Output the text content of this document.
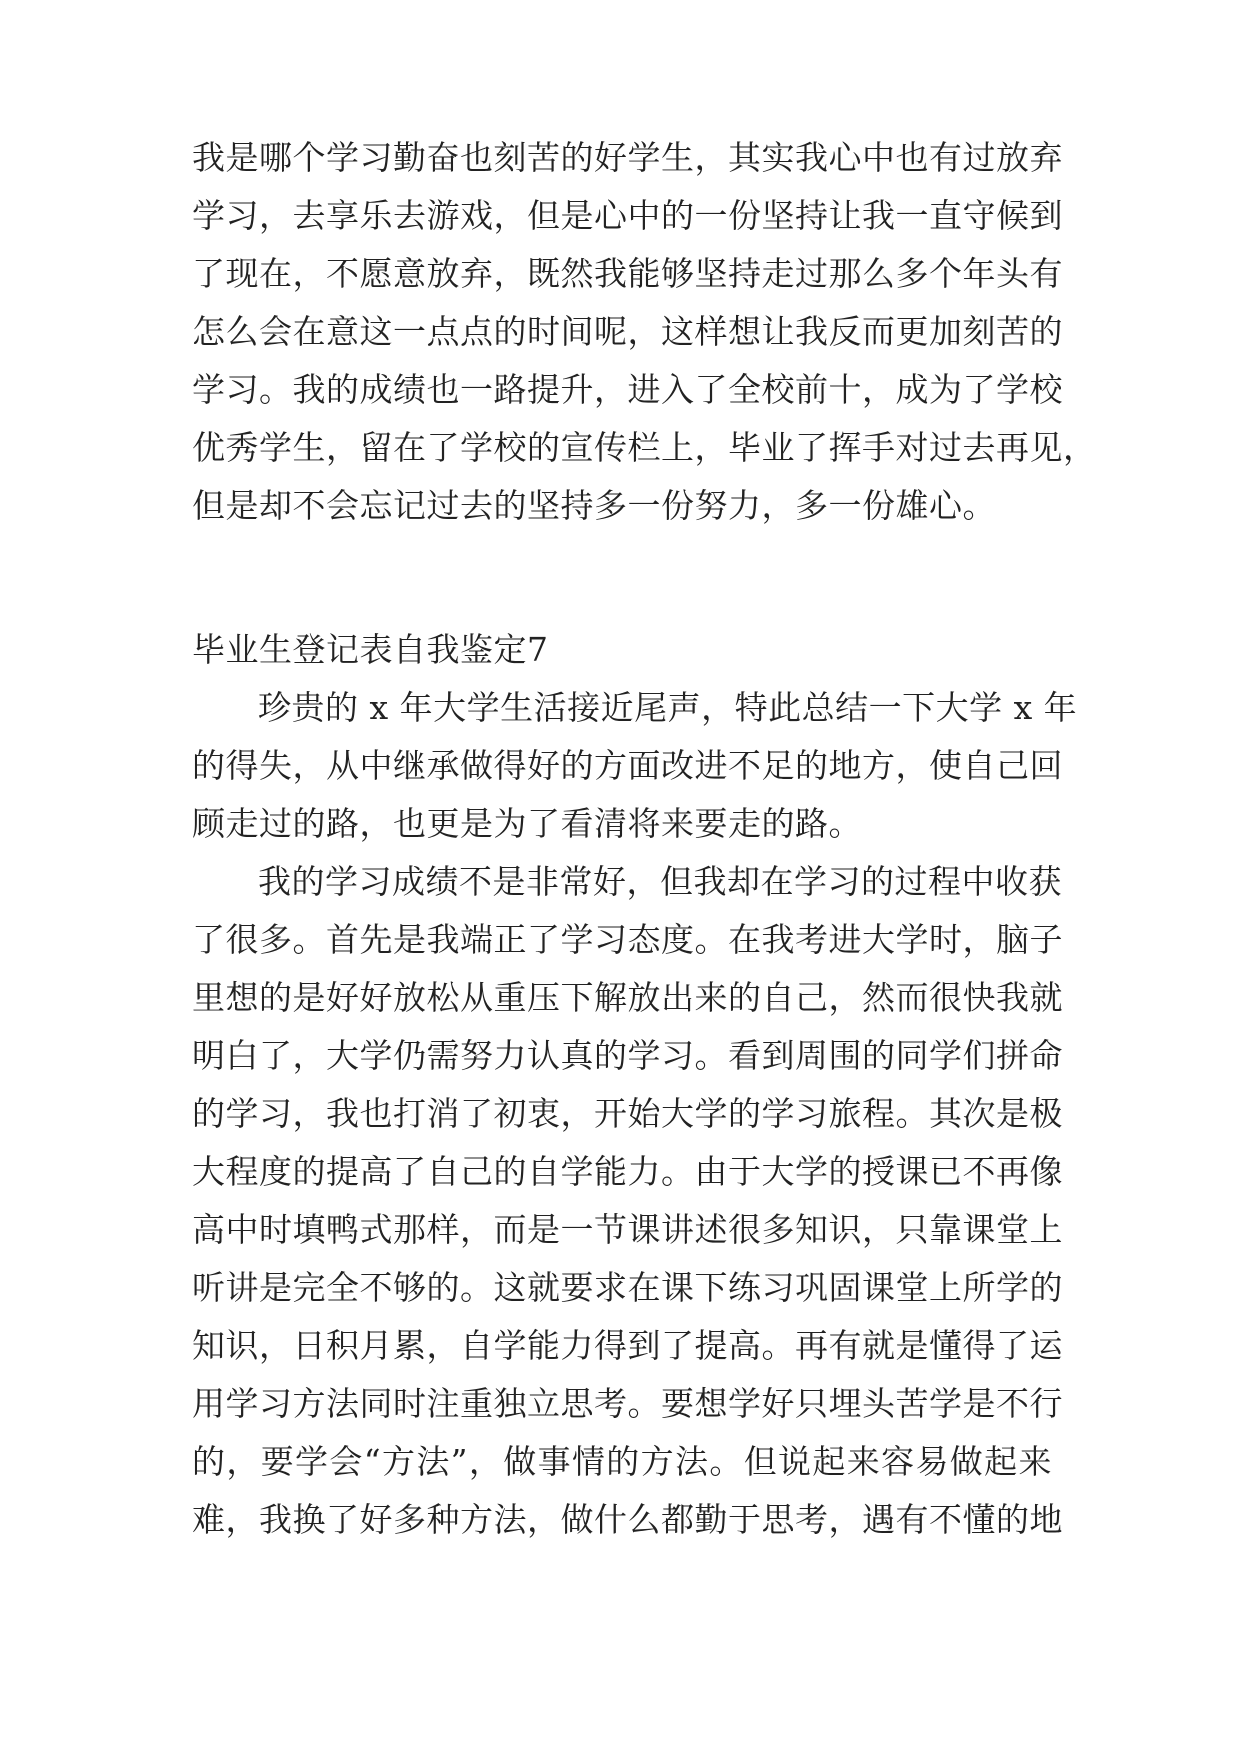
我是哪个学习勤奋也刻苦的好学生，其实我心中也有过放弃
学习，去享乐去游戏，但是心中的一份坚持让我一直守候到
了现在，不愿意放弃，既然我能够坚持走过那么多个年头有
怎么会在意这一点点的时间呢，这样想让我反而更加刻苦的
学习。我的成绩也一路提升，进入了全校前十，成为了学校
优秀学生，留在了学校的宣传栏上，毕业了挥手对过去再见，
但是却不会忘记过去的坚持多一份努力，多一份雄心。
毕业生登记表自我鉴定7
珍贵的 x 年大学生活接近尾声，特此总结一下大学 x 年
的得失，从中继承做得好的方面改进不足的地方，使自己回
顾走过的路，也更是为了看清将来要走的路。
我的学习成绩不是非常好，但我却在学习的过程中收获
了很多。首先是我端正了学习态度。在我考进大学时，脑子
里想的是好好放松从重压下解放出来的自己，然而很快我就
明白了，大学仍需努力认真的学习。看到周围的同学们拼命
的学习，我也打消了初衷，开始大学的学习旅程。其次是极
大程度的提高了自己的自学能力。由于大学的授课已不再像
高中时填鸭式那样，而是一节课讲述很多知识，只靠课堂上
听讲是完全不够的。这就要求在课下练习巩固课堂上所学的
知识，日积月累，自学能力得到了提高。再有就是懂得了运
用学习方法同时注重独立思考。要想学好只埋头苦学是不行
的，要学会“方法”，做事情的方法。但说起来容易做起来
难，我换了好多种方法，做什么都勤于思考，遇有不懂的地
